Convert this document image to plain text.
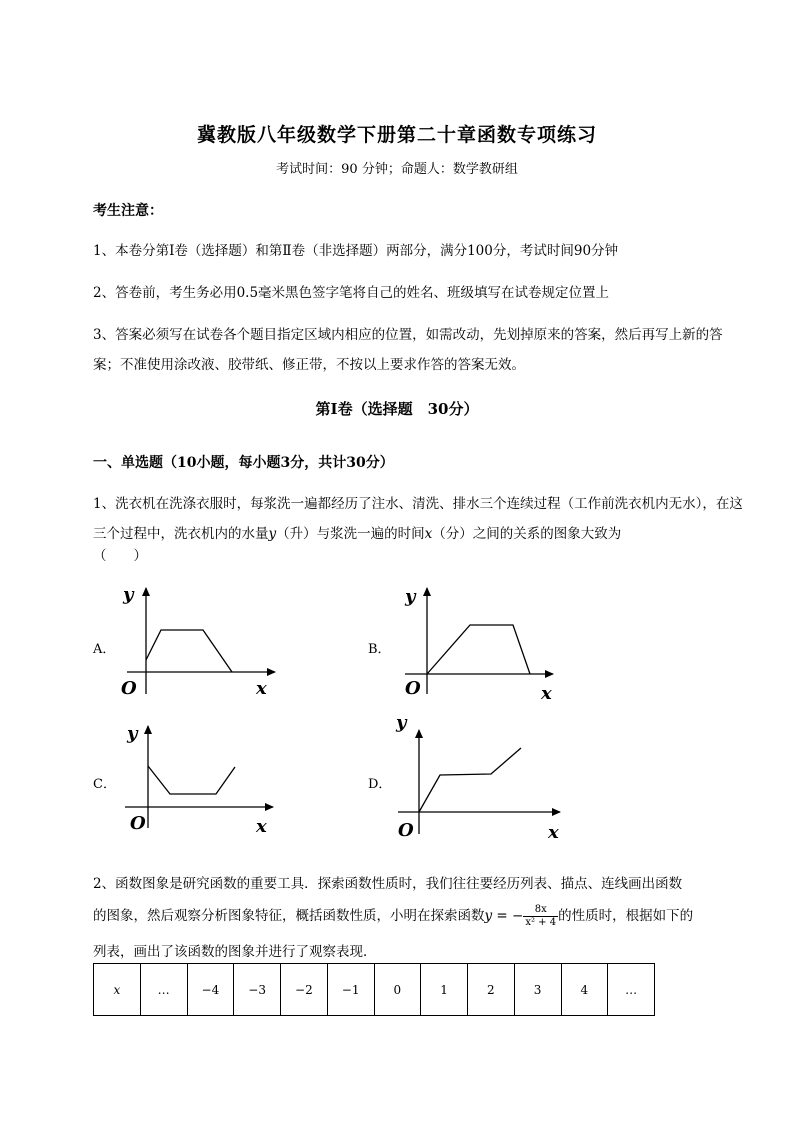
冀教版八年级数学下册第二十章函数专项练习
考试时间：90 分钟；命题人：数学教研组
考生注意：
1、本卷分第Ⅰ卷（选择题）和第Ⅱ卷（非选择题）两部分，满分100分，考试时间90分钟
2、答卷前，考生务必用0.5毫米黑色签字笔将自己的姓名、班级填写在试卷规定位置上
3、答案必须写在试卷各个题目指定区域内相应的位置，如需改动，先划掉原来的答案，然后再写上新的答案；不准使用涂改液、胶带纸、修正带，不按以上要求作答的答案无效。
第Ⅰ卷（选择题　30分）
一、单选题（10小题，每小题3分，共计30分）
1、洗衣机在洗涤衣服时，每浆洗一遍都经历了注水、清洗、排水三个连续过程（工作前洗衣机内无水），在这三个过程中，洗衣机内的水量y（升）与浆洗一遍的时间x（分）之间的关系的图象大致为
（　　）
A．
y
x
O
B．
y
x
O
C．
y
x
O
D．
y
x
O
2、函数图象是研究函数的重要工具．探索函数性质时，我们往往要经历列表、描点、连线画出函数
的图象，然后观察分析图象特征，概括函数性质，小明在探索函数y = − $\frac{8x}{\text{x² + 4}}$ 的性质时，根据如下的
列表，画出了该函数的图象并进行了观察表现．
x	…	−4	−3	−2	−1	0	1	2	3	4	…
